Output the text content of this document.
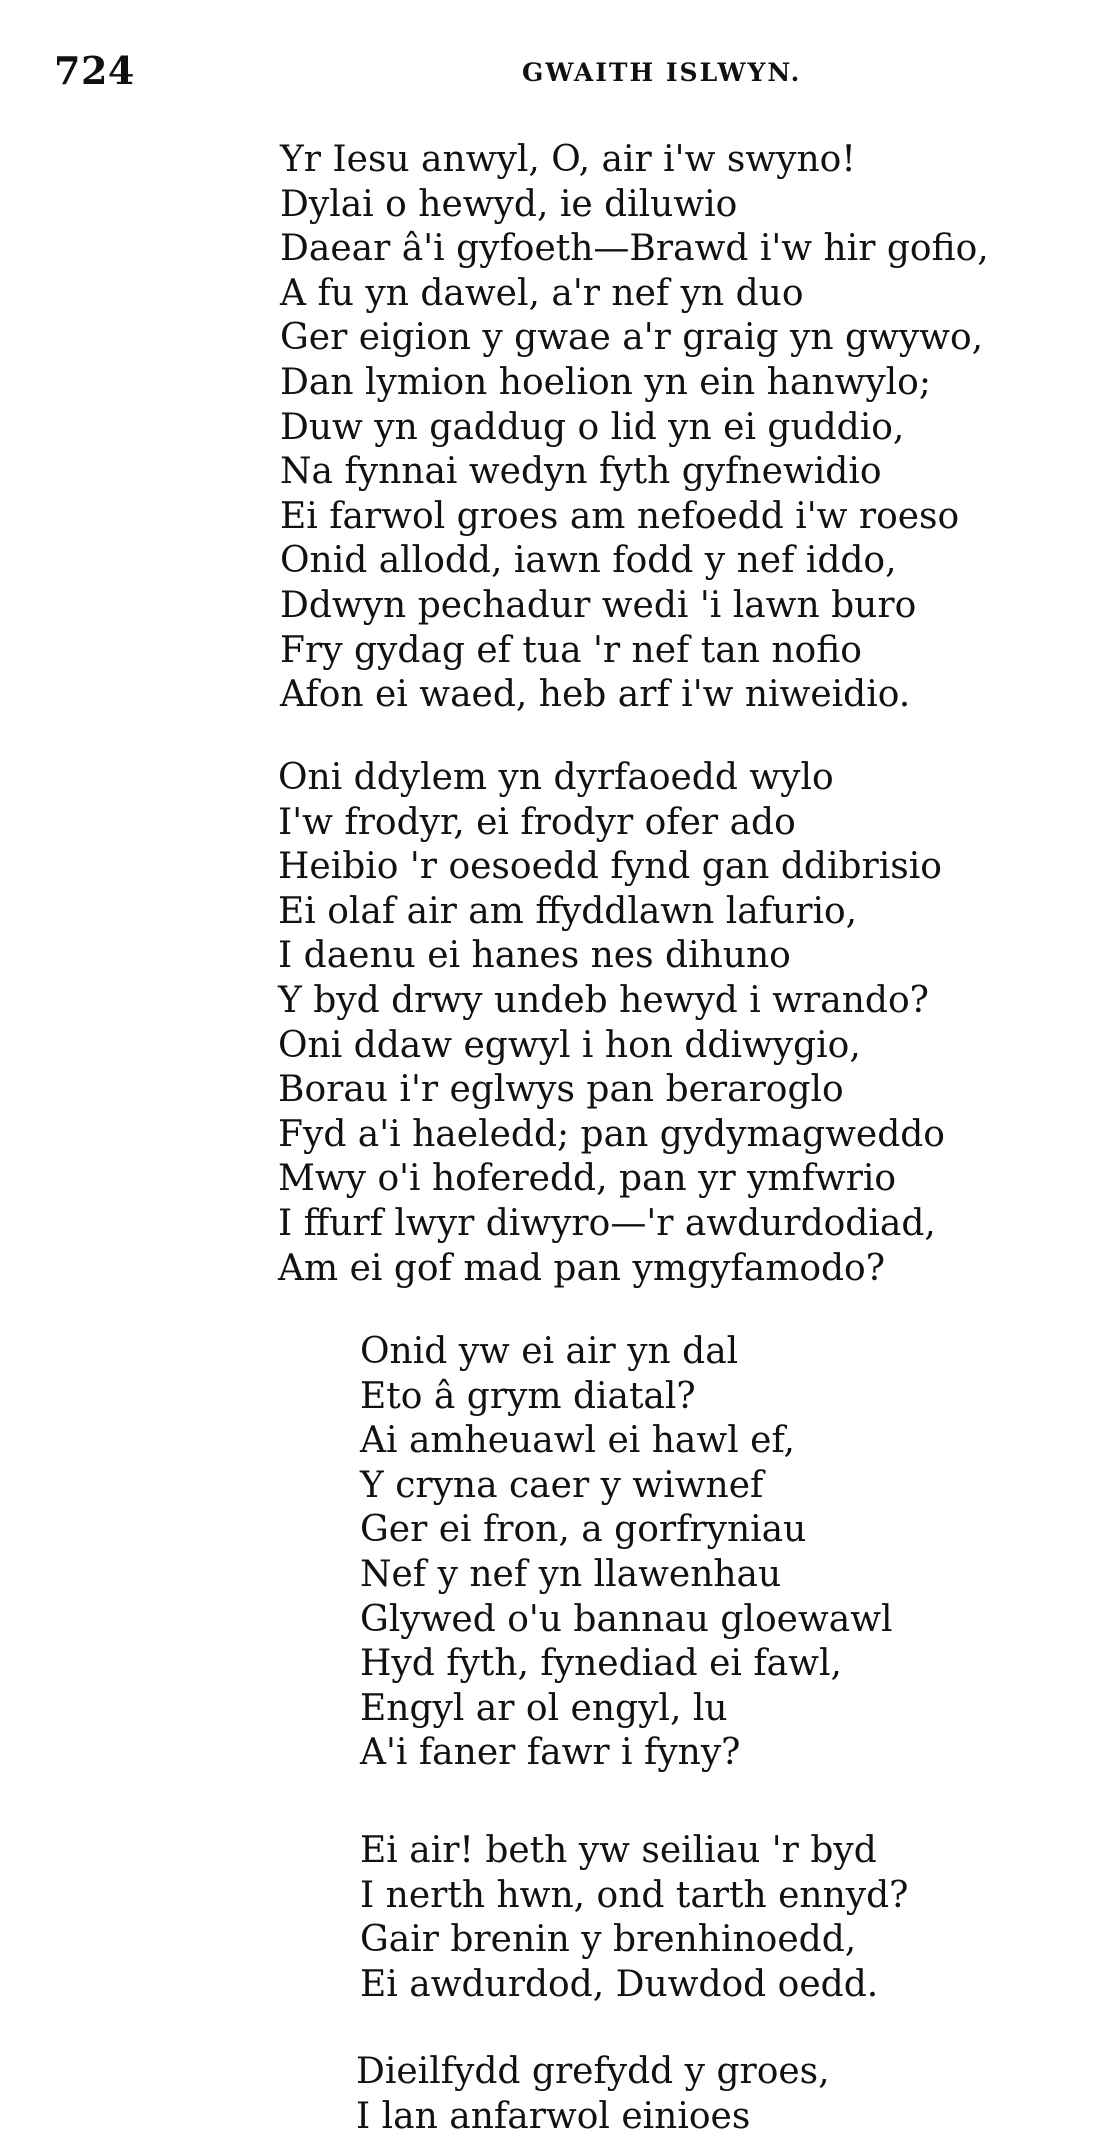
724	GWAITH ISLWYN.
Yr Iesu anwyl, O, air i'w swyno!
Dylai o hewyd, ie diluwio
Daear â'i gyfoeth—Brawd i'w hir gofio,
A fu yn dawel, a'r nef yn duo
Ger eigion y gwae a'r graig yn gwywo,
Dan lymion hoelion yn ein hanwylo;
Duw yn gaddug o lid yn ei guddio,
Na fynnai wedyn fyth gyfnewidio
Ei farwol groes am nefoedd i'w roeso
Onid allodd, iawn fodd y nef iddo,
Ddwyn pechadur wedi 'i lawn buro
Fry gydag ef tua 'r nef tan nofio
Afon ei waed, heb arf i'w niweidio.
Oni ddylem yn dyrfaoedd wylo
I'w frodyr, ei frodyr ofer ado
Heibio 'r oesoedd fynd gan ddibrisio
Ei olaf air am ffyddlawn lafurio,
I daenu ei hanes nes dihuno
Y byd drwy undeb hewyd i wrando?
Oni ddaw egwyl i hon ddiwygio,
Borau i'r eglwys pan beraroglo
Fyd a'i haeledd; pan gydymagweddo
Mwy o'i hoferedd, pan yr ymfwrio
I ffurf lwyr diwyro—'r awdurdodiad,
Am ei gof mad pan ymgyfamodo?
Onid yw ei air yn dal
Eto â grym diatal?
Ai amheuawl ei hawl ef,
Y cryna caer y wiwnef
Ger ei fron, a gorfryniau
Nef y nef yn llawenhau
Glywed o'u bannau gloewawl
Hyd fyth, fynediad ei fawl,
Engyl ar ol engyl, lu
A'i faner fawr i fyny?
Ei air! beth yw seiliau 'r byd
I nerth hwn, ond tarth ennyd?
Gair brenin y brenhinoedd,
Ei awdurdod, Duwdod oedd.
Dieilfydd grefydd y groes,
I lan anfarwol einioes
